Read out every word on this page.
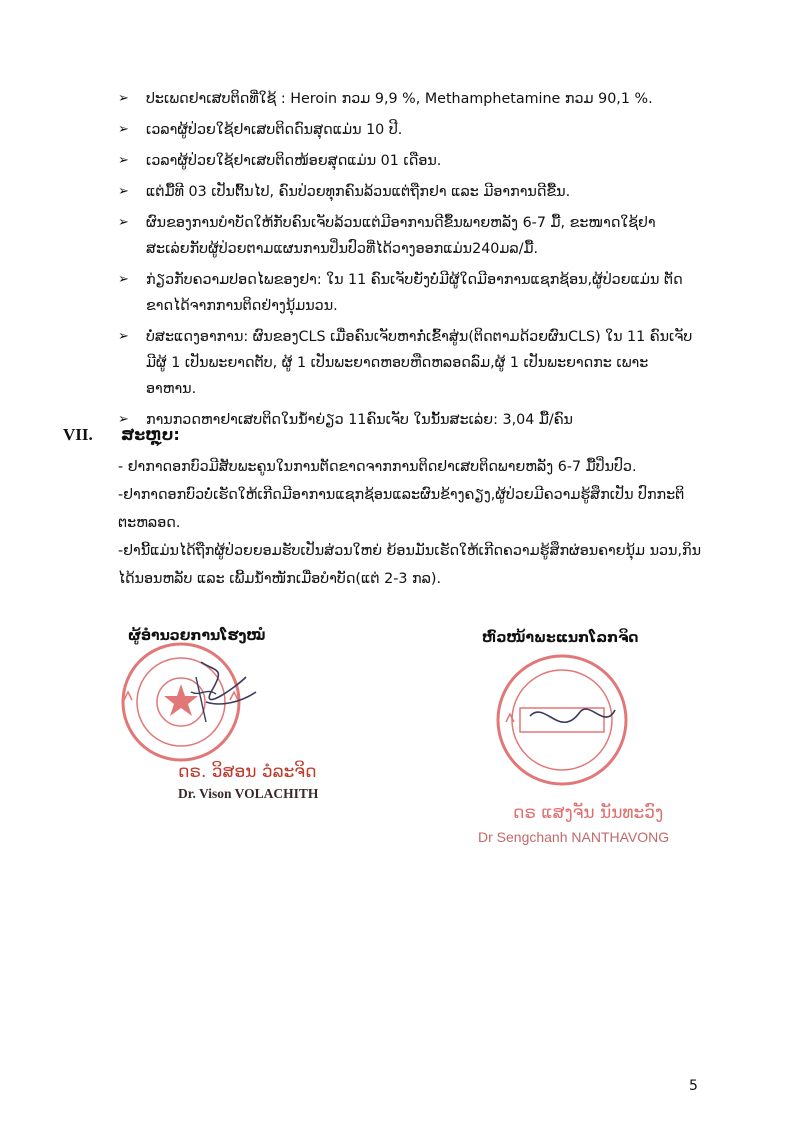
➢ ປະເພດຢາເສບຕິດທີ່ໃຊ້ : Heroin ກວມ 9,9 %, Methamphetamine ກວມ 90,1 %.
➢ ເວລາຜູ້ປ່ວຍໃຊ້ຢາເສບຕິດດົນສຸດແມ່ນ 10 ປີ.
➢ ເວລາຜູ້ປ່ວຍໃຊ້ຢາເສບຕິດໜ້ອຍສຸດແມ່ນ 01 ເດືອນ.
➢ ແຕ່ມື້ທີ 03 ເປັນຕົ້ນໄປ, ຄົນປ່ວຍທຸກຄົນລ້ວນແຕ່ຖືກຢາ ແລະ ມີອາການດີຂື້ນ.
➢ ຜົນຂອງການບໍາບັດໃຫ້ກັບຄົນເຈັບລ້ວນແຕ່ມີອາການດີຂຶ້ນພາຍຫລັງ 6-7 ມື້, ຂະໜາດໃຊ້ຢາ ສະເລ່ຍກັບຜູ້ປ່ວຍຕາມແຜນການປິ່ນປົວທີ່ໄດ້ວາງອອກແມ່ນ240ມລ/ມື້.
➢ ກ່ຽວກັບຄວາມປອດໄພຂອງຢາ: ໃນ 11 ຄົນເຈັບຍັງບໍ່ມີຜູ້ໃດມີອາການແຊກຊ້ອນ,ຜູ້ປ່ວຍແມ່ນ ຕັດຂາດໄດ້ຈາກການຕິດຢ່າງນຸ້ມນວນ.
➢ ບໍ່ສະແດງອາການ: ຜົນຂອງCLS ເມື່ອຄົນເຈັບຫາກໍ່ເຂົ້າສູ່ນ(ຕິດຕາມດ້ວຍຜົນCLS) ໃນ 11 ຄົນເຈັບ ມີຜູ້ 1 ເປັນພະຍາດຕັບ, ຜູ້ 1 ເປັນພະຍາດຫອບຫືດຫລອດລົມ,ຜູ້ 1 ເປັນພະຍາດກະ ເພາະອາຫານ.
➢ ການກວດຫາຢາເສບຕິດໃນນໍ້າຍ່ຽວ 11ຄົນເຈັບ ໃນນັ້ນສະເລ່ຍ: 3,04 ມື້/ຄົນ
VII. ສະຫຼຸບ:

- ຢາກາດອກບົວມີສັບພະຄູນໃນການຕັດຂາດຈາກການຕິດຢາເສບຕິດພາຍຫລັງ 6-7 ມື້ປິ່ນປົວ.

-ຢາກາດອກບົວບໍ່ເຮັດໃຫ້ເກີດມີອາການແຊກຊ້ອນແລະຜົນຂ້າງຄຽງ,ຜູ້ປ່ວຍມີຄວາມຮູ້ສຶກເປັນ ປົກກະຕິຕະຫລອດ.

-ຢານີ້ແມ່ນໄດ້ຖືກຜູ້ປ່ວຍຍອມຮັບເປັນສ່ວນໃຫຍ່ ຍ້ອນມັນເຮັດໃຫ້ເກີດຄວາມຮູ້ສຶກຜ່ອນຄາຍນຸ້ມ ນວນ,ກິນໄດ້ນອນຫລັບ ແລະ ເພີ້ມນໍ້າໜັກເມື່ອບໍາບັດ(ແຕ່ 2-3 ກລ).

ຜູ້ອໍານວຍການໂຮງໝໍ
ດຣ. ວິສອນ ວໍລະຈິດ
Dr. Vison VOLACHITH
ຫົວໜ້າພະແນກໂລກຈິດ
ດຣ ແສງຈັນ ນັນທະວົງ
Dr Sengchanh NANTHAVONG
5
